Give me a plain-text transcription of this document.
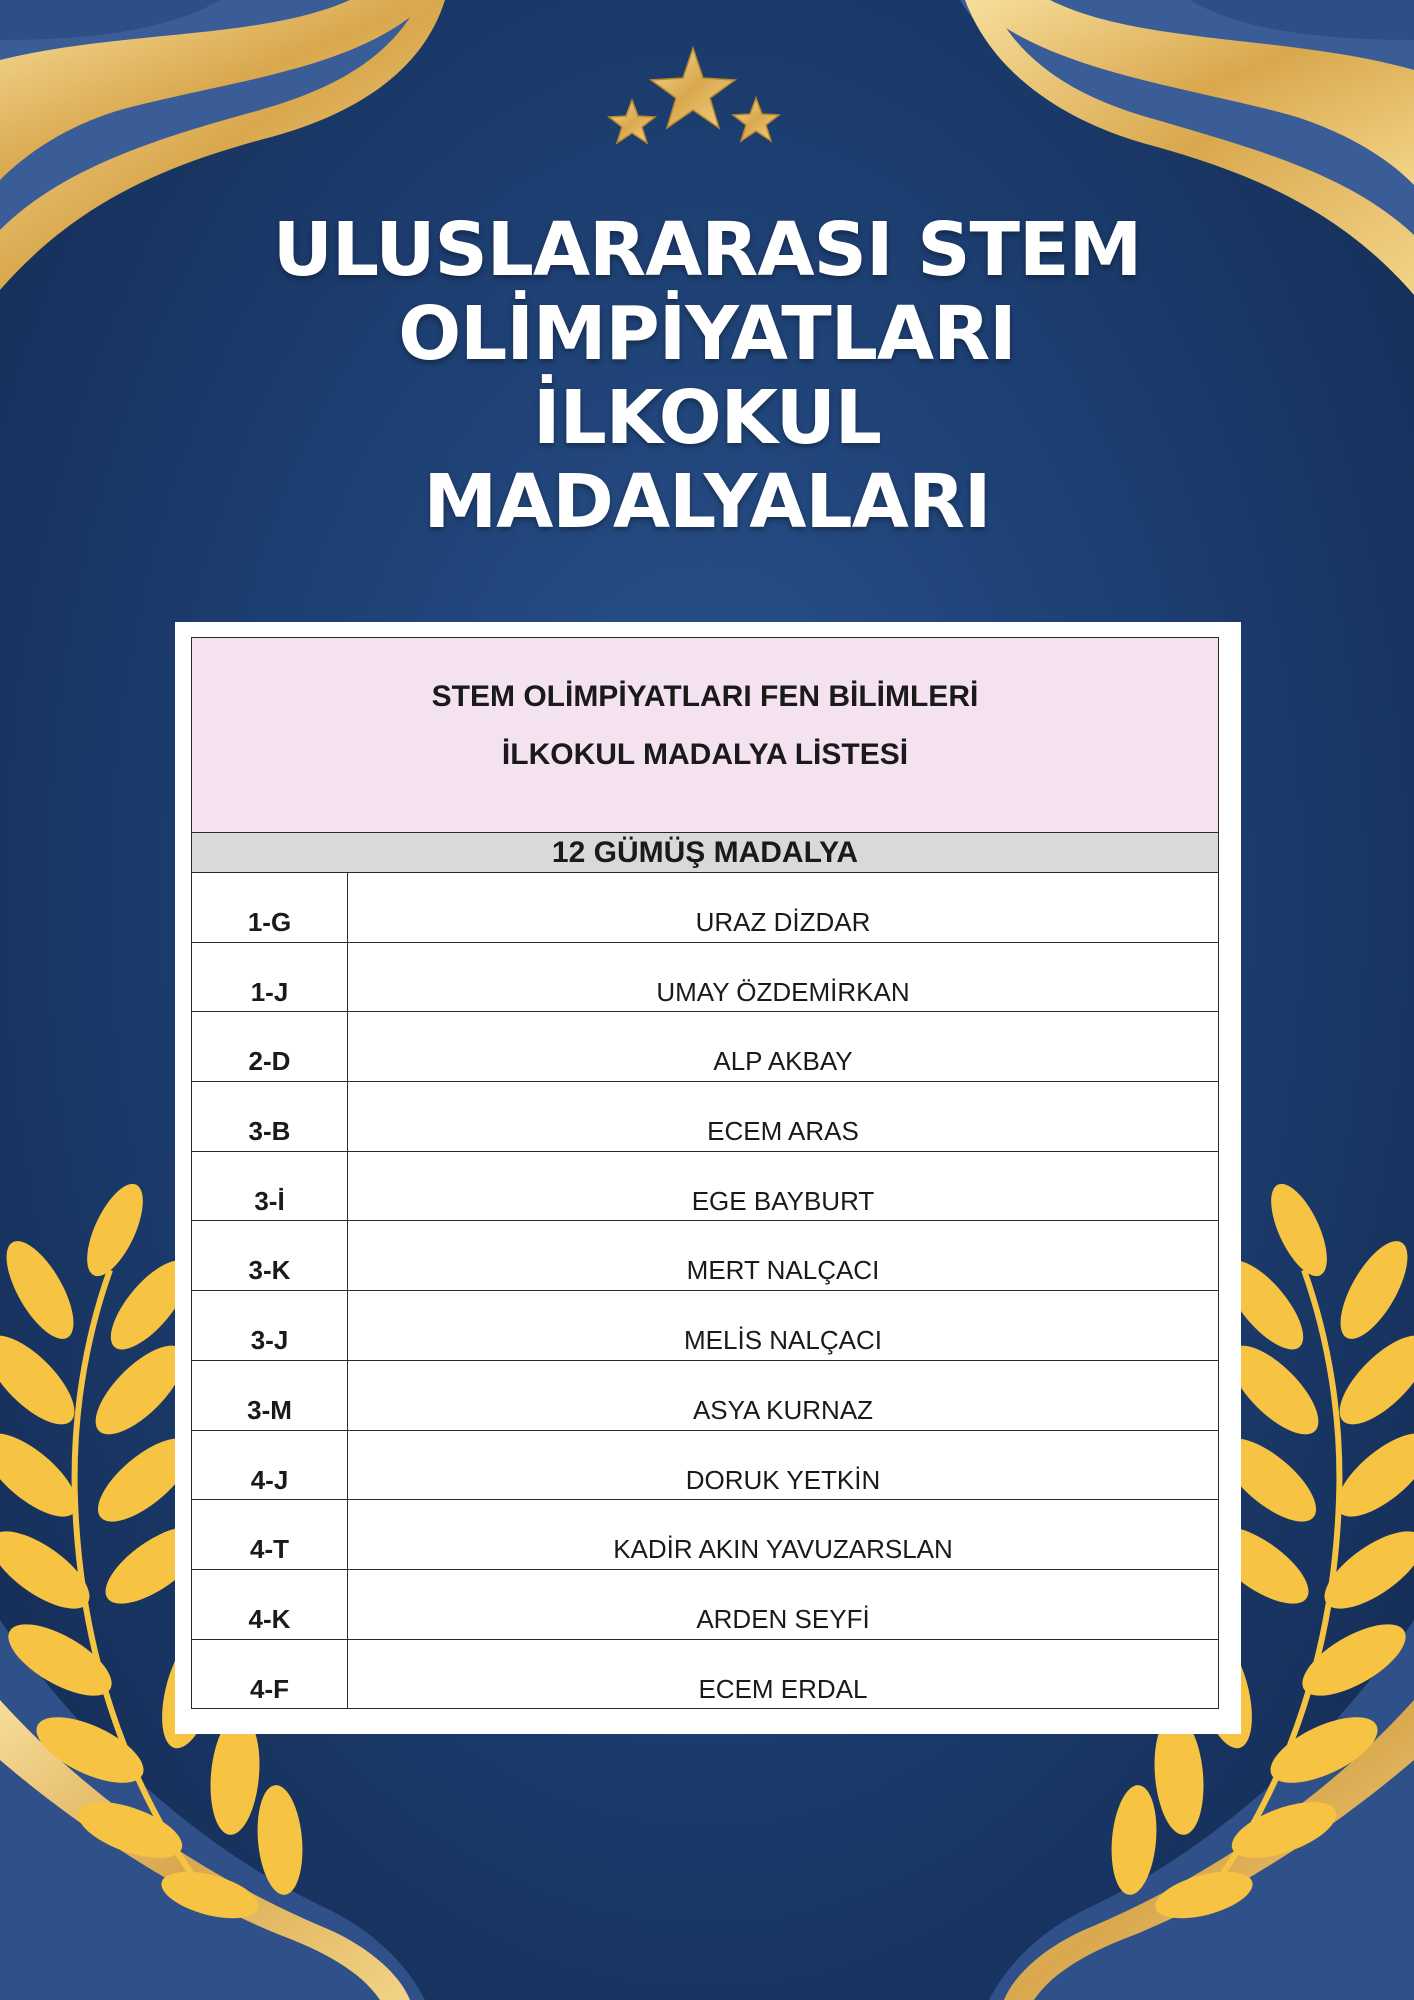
ULUSLARARASI STEM
OLİMPİYATLARI
İLKOKUL
MADALYALARI
STEM OLİMPİYATLARI FEN BİLİMLERİ
İLKOKUL MADALYA LİSTESİ
12 GÜMÜŞ MADALYA
1-G	URAZ DİZDAR
1-J	UMAY ÖZDEMİRKAN
2-D	ALP AKBAY
3-B	ECEM ARAS
3-İ	EGE BAYBURT
3-K	MERT NALÇACI
3-J	MELİS NALÇACI
3-M	ASYA KURNAZ
4-J	DORUK YETKİN
4-T	KADİR AKIN YAVUZARSLAN
4-K	ARDEN SEYFİ
4-F	ECEM ERDAL
